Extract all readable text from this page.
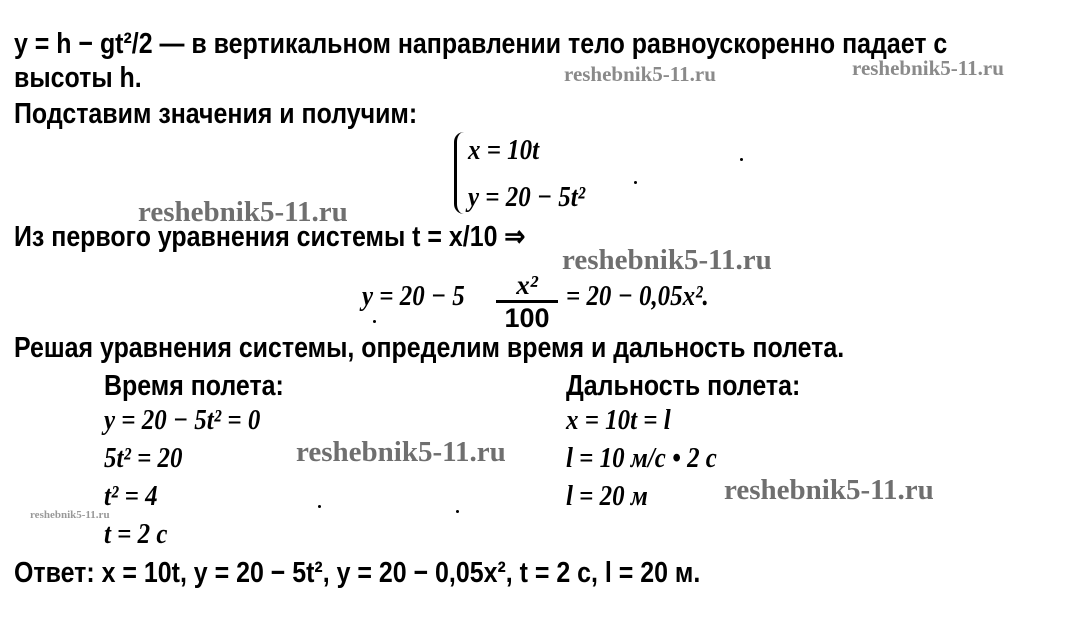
y = h − gt²/2 — в вертикальном направлении тело равноускоренно падает с
высоты h.
Подставим значения и получим:
x = 10t
y = 20 − 5t²
Из первого уравнения системы t = x/10 ⇒
y = 20 − 5	x²
100
= 20 − 0,05x².
Решая уравнения системы, определим время и дальность полета.
Время полета:
y = 20 − 5t² = 0
5t² = 20
t² = 4
t = 2 c
Дальность полета:
x = 10t = l
l = 10 м/с • 2 с
l = 20 м
Ответ: x = 10t, y = 20 − 5t², y = 20 − 0,05x², t = 2 с, l = 20 м.
reshebnik5-11.ru	reshebnik5-11.ru
reshebnik5-11.ru
reshebnik5-11.ru
reshebnik5-11.ru
reshebnik5-11.ru
reshebnik5-11.ru
